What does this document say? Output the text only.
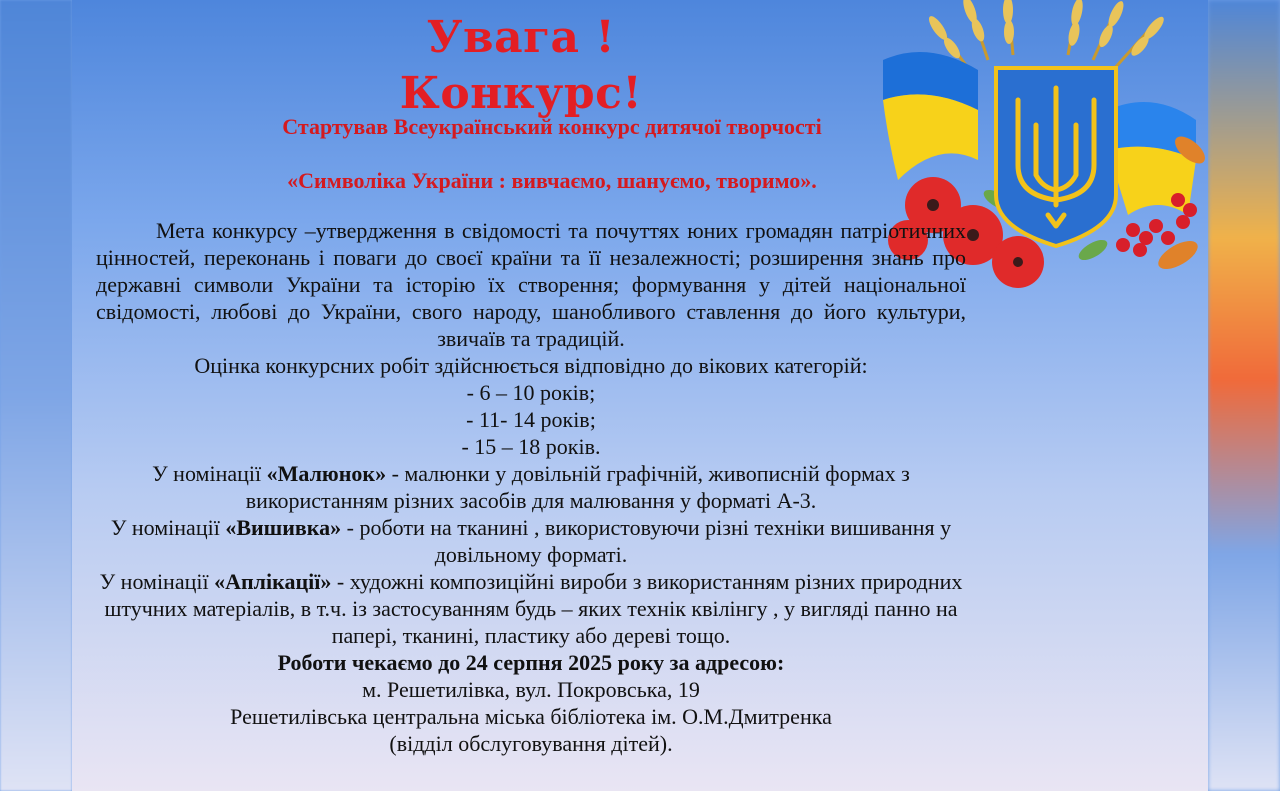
Увага ! Конкурс!
Стартував Всеукраїнський конкурс дитячої творчості
«Символіка України : вивчаємо, шануємо, творимо».

Мета конкурсу –утвердження в свідомості та почуттях юних громадян патріотичних цінностей, переконань і поваги до своєї країни та її незалежності; розширення знань про державні символи України та історію їх створення; формування у дітей національної свідомості, любові до України, свого народу, шанобливого ставлення до його культури, звичаїв та традицій.

Оцінка конкурсних робіт здійснюється відповідно до вікових категорій:

- 6 – 10 років;

- 11- 14 років;

- 15 – 18 років.

У номінації «Малюнок» - малюнки у довільній графічній, живописній формах з використанням різних засобів для малювання у форматі А-3.

У номінації «Вишивка» - роботи на тканині , використовуючи різні техніки вишивання у довільному форматі.

У номінації «Аплікації» - художні композиційні вироби з використанням різних природних штучних матеріалів, в т.ч. із застосуванням будь – яких технік квілінгу , у вигляді панно на папері, тканині, пластику або дереві тощо.

Роботи чекаємо до 24 серпня 2025 року за адресою:

м. Решетилівка, вул. Покровська, 19

Решетилівська центральна міська бібліотека ім. О.М.Дмитренка

(відділ обслуговування дітей).
